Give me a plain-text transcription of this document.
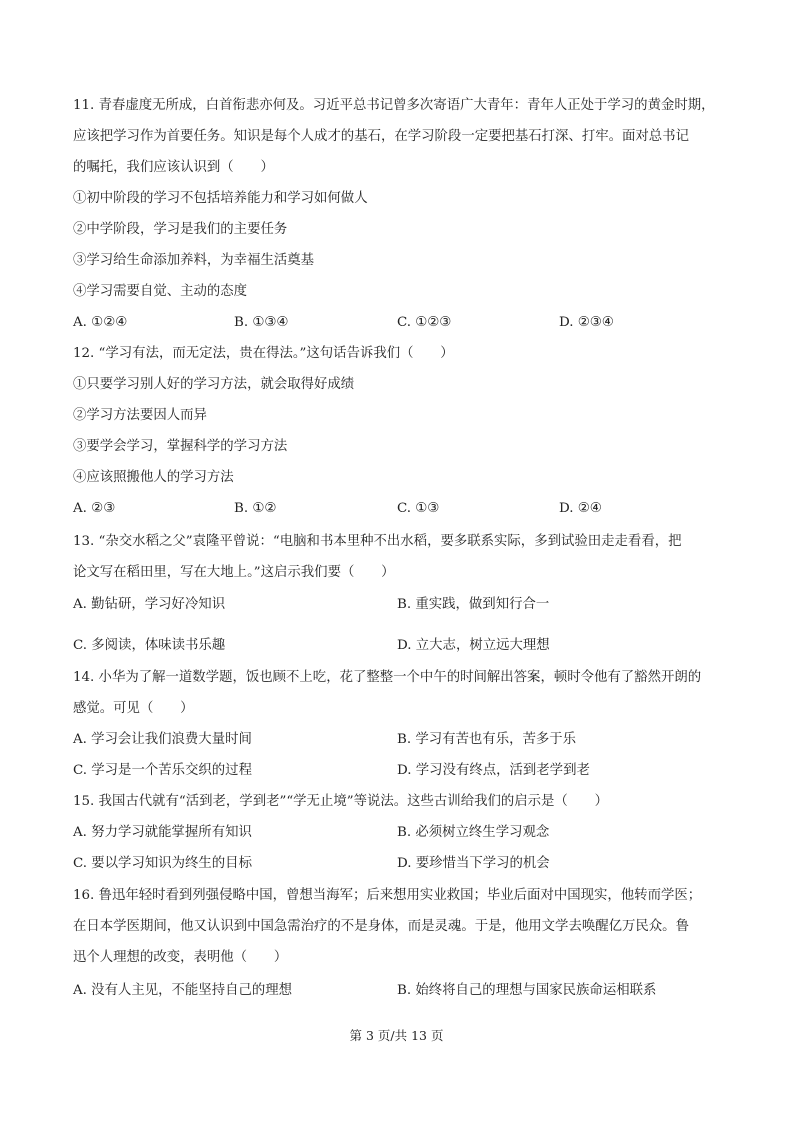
11. 青春虚度无所成，白首衔悲亦何及。习近平总书记曾多次寄语广大青年：青年人正处于学习的黄金时期，
应该把学习作为首要任务。知识是每个人成才的基石，在学习阶段一定要把基石打深、打牢。面对总书记
的嘱托，我们应该认识到（　　）
①初中阶段的学习不包括培养能力和学习如何做人
②中学阶段，学习是我们的主要任务
③学习给生命添加养料，为幸福生活奠基
④学习需要自觉、主动的态度
A. ①②④	B. ①③④	C. ①②③	D. ②③④
12. “学习有法，而无定法，贵在得法。”这句话告诉我们（　　）
①只要学习别人好的学习方法，就会取得好成绩
②学习方法要因人而异
③要学会学习，掌握科学的学习方法
④应该照搬他人的学习方法
A. ②③	B. ①②	C. ①③	D. ②④
13. “杂交水稻之父”袁隆平曾说：“电脑和书本里种不出水稻，要多联系实际，多到试验田走走看看，把
论文写在稻田里，写在大地上。”这启示我们要（　　）
A. 勤钻研，学习好冷知识	B. 重实践，做到知行合一
C. 多阅读，体味读书乐趣	D. 立大志，树立远大理想
14. 小华为了解一道数学题，饭也顾不上吃，花了整整一个中午的时间解出答案，顿时令他有了豁然开朗的
感觉。可见（　　）
A. 学习会让我们浪费大量时间	B. 学习有苦也有乐，苦多于乐
C. 学习是一个苦乐交织的过程	D. 学习没有终点，活到老学到老
15. 我国古代就有“活到老，学到老”“学无止境”等说法。这些古训给我们的启示是（　　）
A. 努力学习就能掌握所有知识	B. 必须树立终生学习观念
C. 要以学习知识为终生的目标	D. 要珍惜当下学习的机会
16. 鲁迅年轻时看到列强侵略中国，曾想当海军；后来想用实业救国；毕业后面对中国现实，他转而学医；
在日本学医期间，他又认识到中国急需治疗的不是身体，而是灵魂。于是，他用文学去唤醒亿万民众。鲁
迅个人理想的改变，表明他（　　）
A. 没有人主见，不能坚持自己的理想	B. 始终将自己的理想与国家民族命运相联系
第 3 页/共 13 页
